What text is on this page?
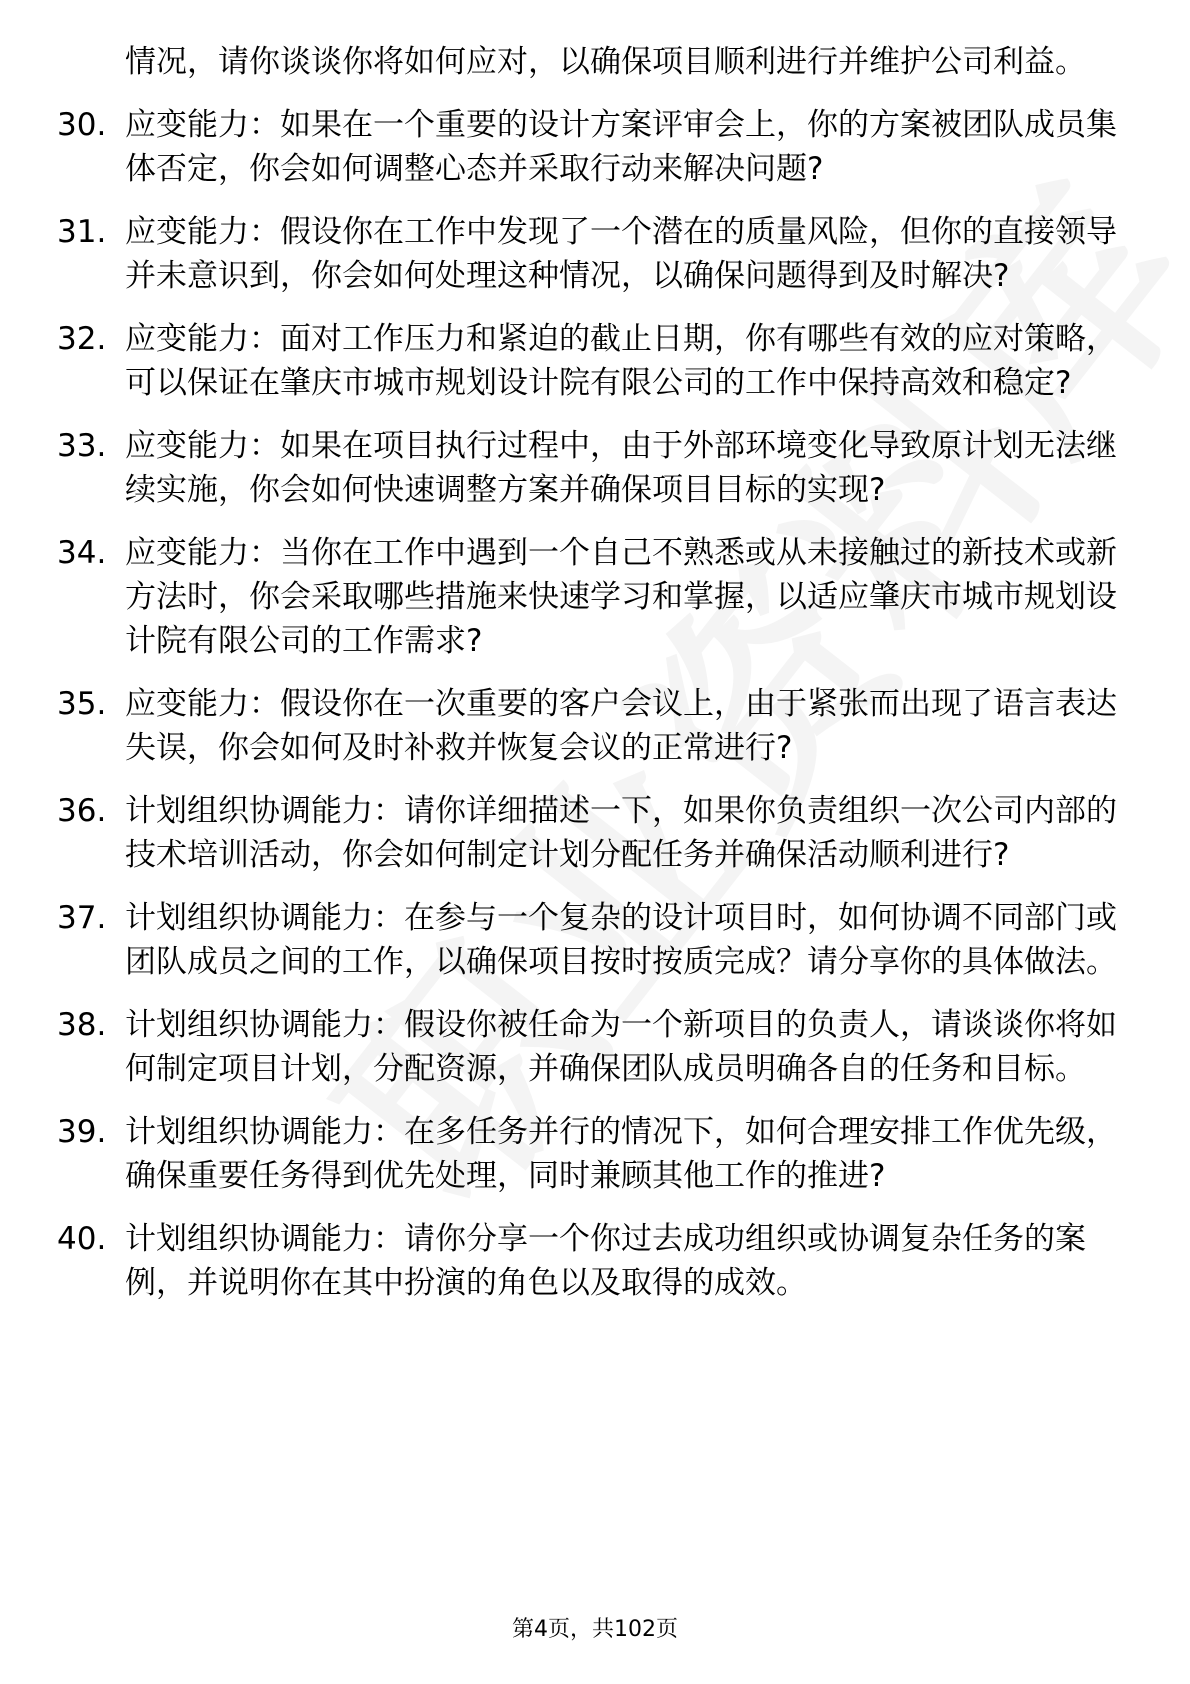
情况，请你谈谈你将如何应对，以确保项目顺利进行并维护公司利益。
30. 应变能力：如果在一个重要的设计方案评审会上，你的方案被团队成员集体否定，你会如何调整心态并采取行动来解决问题?
31. 应变能力：假设你在工作中发现了一个潜在的质量风险，但你的直接领导并未意识到，你会如何处理这种情况，以确保问题得到及时解决?
32. 应变能力：面对工作压力和紧迫的截止日期，你有哪些有效的应对策略，可以保证在肇庆市城市规划设计院有限公司的工作中保持高效和稳定?
33. 应变能力：如果在项目执行过程中，由于外部环境变化导致原计划无法继续实施，你会如何快速调整方案并确保项目目标的实现?
34. 应变能力：当你在工作中遇到一个自己不熟悉或从未接触过的新技术或新方法时，你会采取哪些措施来快速学习和掌握，以适应肇庆市城市规划设计院有限公司的工作需求?
35. 应变能力：假设你在一次重要的客户会议上，由于紧张而出现了语言表达失误，你会如何及时补救并恢复会议的正常进行?
36. 计划组织协调能力：请你详细描述一下，如果你负责组织一次公司内部的技术培训活动，你会如何制定计划分配任务并确保活动顺利进行?
37. 计划组织协调能力：在参与一个复杂的设计项目时，如何协调不同部门或团队成员之间的工作，以确保项目按时按质完成？请分享你的具体做法。
38. 计划组织协调能力：假设你被任命为一个新项目的负责人，请谈谈你将如何制定项目计划，分配资源，并确保团队成员明确各自的任务和目标。
39. 计划组织协调能力：在多任务并行的情况下，如何合理安排工作优先级，确保重要任务得到优先处理，同时兼顾其他工作的推进?
40. 计划组织协调能力：请你分享一个你过去成功组织或协调复杂任务的案例，并说明你在其中扮演的角色以及取得的成效。
第4页，共102页
